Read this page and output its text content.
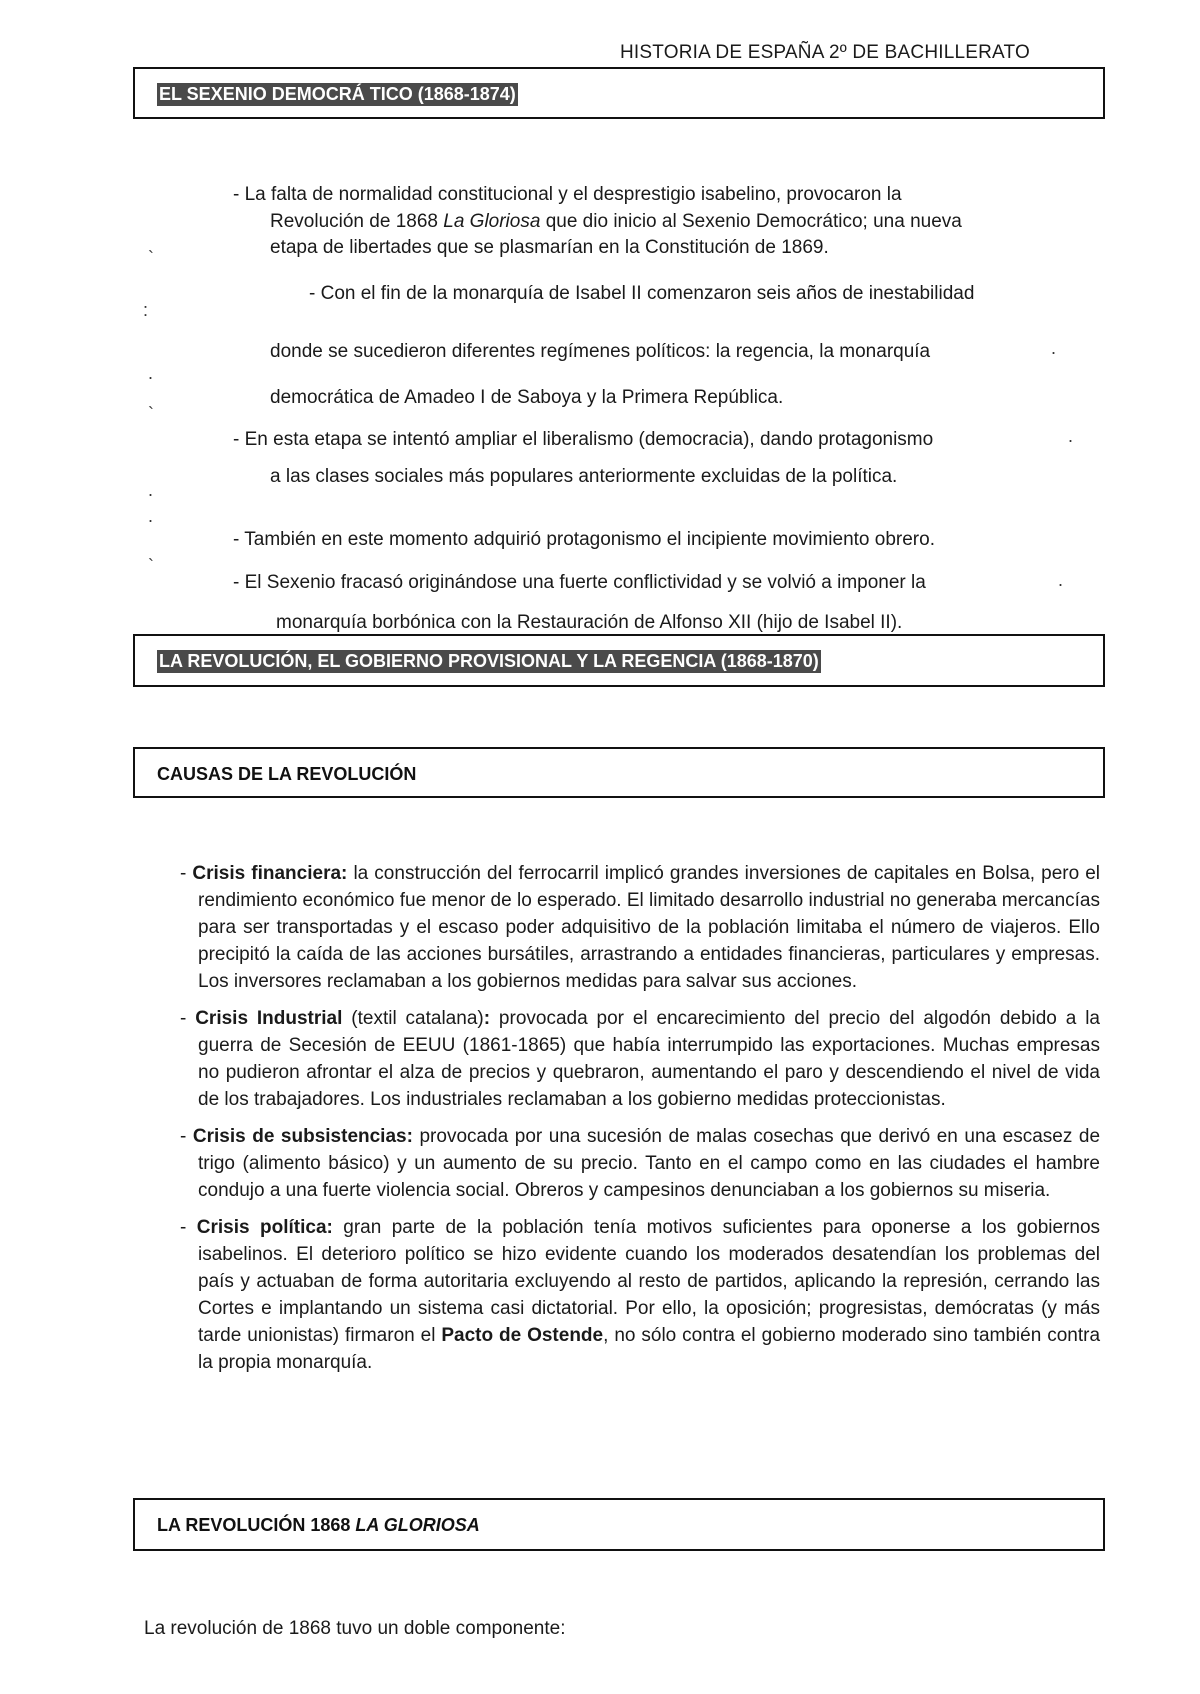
HISTORIA DE ESPAÑA 2º DE BACHILLERATO
EL SEXENIO DEMOCRÁ TICO (1868-1874)
- La falta de normalidad constitucional y el desprestigio isabelino, provocaron la
Revolución de 1868 La Gloriosa que dio inicio al Sexenio Democrático; una nueva
etapa de libertades que se plasmarían en la Constitución de 1869.
`
- Con el fin de la monarquía de Isabel II comenzaron seis años de inestabilidad
:
donde se sucedieron diferentes regímenes políticos: la regencia, la monarquía	.
.
democrática de Amadeo I de Saboya y la Primera República.
`
- En esta etapa se intentó ampliar el liberalismo (democracia), dando protagonismo	.
a las clases sociales más populares anteriormente excluidas de la política.
.
.
- También en este momento adquirió protagonismo el incipiente movimiento obrero.
`
- El Sexenio fracasó originándose una fuerte conflictividad y se volvió a imponer la	.
monarquía borbónica con la Restauración de Alfonso XII (hijo de Isabel II).
LA REVOLUCIÓN, EL GOBIERNO PROVISIONAL Y LA REGENCIA (1868-1870)
CAUSAS DE LA REVOLUCIÓN

- Crisis financiera: la construcción del ferrocarril implicó grandes inversiones de capitales en Bolsa, pero el rendimiento económico fue menor de lo esperado. El limitado desarrollo industrial no generaba mercancías para ser transportadas y el escaso poder adquisitivo de la población limitaba el número de viajeros. Ello precipitó la caída de las acciones bursátiles, arrastrando a entidades financieras, particulares y empresas. Los inversores reclamaban a los gobiernos medidas para salvar sus acciones.

- Crisis Industrial (textil catalana): provocada por el encarecimiento del precio del algodón debido a la guerra de Secesión de EEUU (1861-1865) que había interrumpido las exportaciones. Muchas empresas no pudieron afrontar el alza de precios y quebraron, aumentando el paro y descendiendo el nivel de vida de los trabajadores. Los industriales reclamaban a los gobierno medidas proteccionistas.

- Crisis de subsistencias: provocada por una sucesión de malas cosechas que derivó en una escasez de trigo (alimento básico) y un aumento de su precio. Tanto en el campo como en las ciudades el hambre condujo a una fuerte violencia social. Obreros y campesinos denunciaban a los gobiernos su miseria.

- Crisis política: gran parte de la población tenía motivos suficientes para oponerse a los gobiernos isabelinos. El deterioro político se hizo evidente cuando los moderados desatendían los problemas del país y actuaban de forma autoritaria excluyendo al resto de partidos, aplicando la represión, cerrando las Cortes e implantando un sistema casi dictatorial. Por ello, la oposición; progresistas, demócratas (y más tarde unionistas) firmaron el Pacto de Ostende, no sólo contra el gobierno moderado sino también contra la propia monarquía.

LA REVOLUCIÓN 1868 LA GLORIOSA
La revolución de 1868 tuvo un doble componente:
